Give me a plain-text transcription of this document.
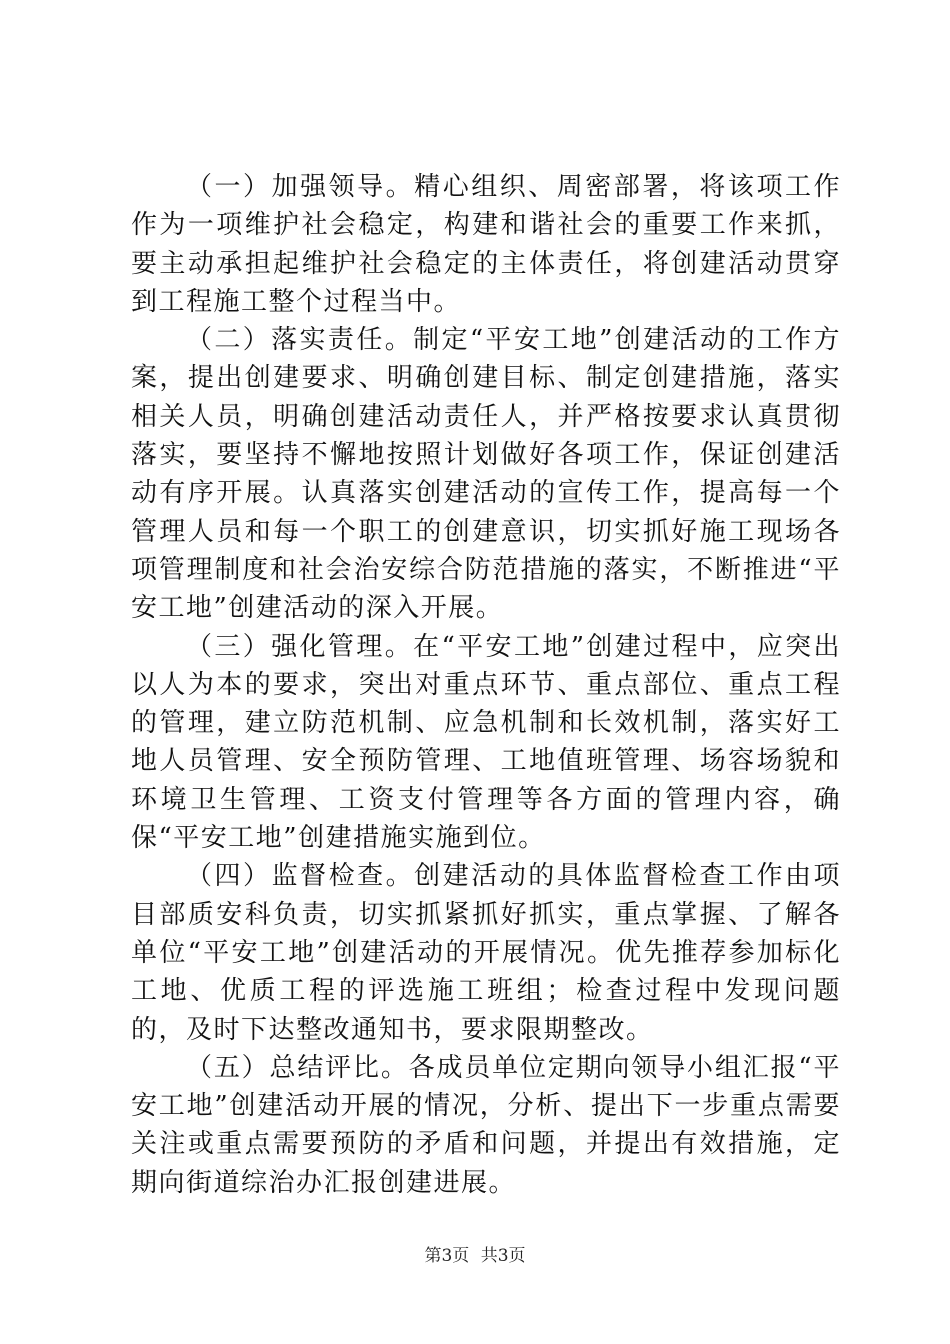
（一）加强领导。精心组织、周密部署，将该项工作作为一项维护社会稳定，构建和谐社会的重要工作来抓，要主动承担起维护社会稳定的主体责任，将创建活动贯穿到工程施工整个过程当中。

（二）落实责任。制定“平安工地”创建活动的工作方案，提出创建要求、明确创建目标、制定创建措施，落实相关人员，明确创建活动责任人，并严格按要求认真贯彻落实，要坚持不懈地按照计划做好各项工作，保证创建活动有序开展。认真落实创建活动的宣传工作，提高每一个管理人员和每一个职工的创建意识，切实抓好施工现场各项管理制度和社会治安综合防范措施的落实，不断推进“平安工地”创建活动的深入开展。

（三）强化管理。在“平安工地”创建过程中，应突出以人为本的要求，突出对重点环节、重点部位、重点工程的管理，建立防范机制、应急机制和长效机制，落实好工地人员管理、安全预防管理、工地值班管理、场容场貌和环境卫生管理、工资支付管理等各方面的管理内容，确保“平安工地”创建措施实施到位。

（四）监督检查。创建活动的具体监督检查工作由项目部质安科负责，切实抓紧抓好抓实，重点掌握、了解各单位“平安工地”创建活动的开展情况。优先推荐参加标化工地、优质工程的评选施工班组；检查过程中发现问题的，及时下达整改通知书，要求限期整改。

（五）总结评比。各成员单位定期向领导小组汇报“平安工地”创建活动开展的情况，分析、提出下一步重点需要关注或重点需要预防的矛盾和问题，并提出有效措施，定期向街道综治办汇报创建进展。

第3页 共3页
